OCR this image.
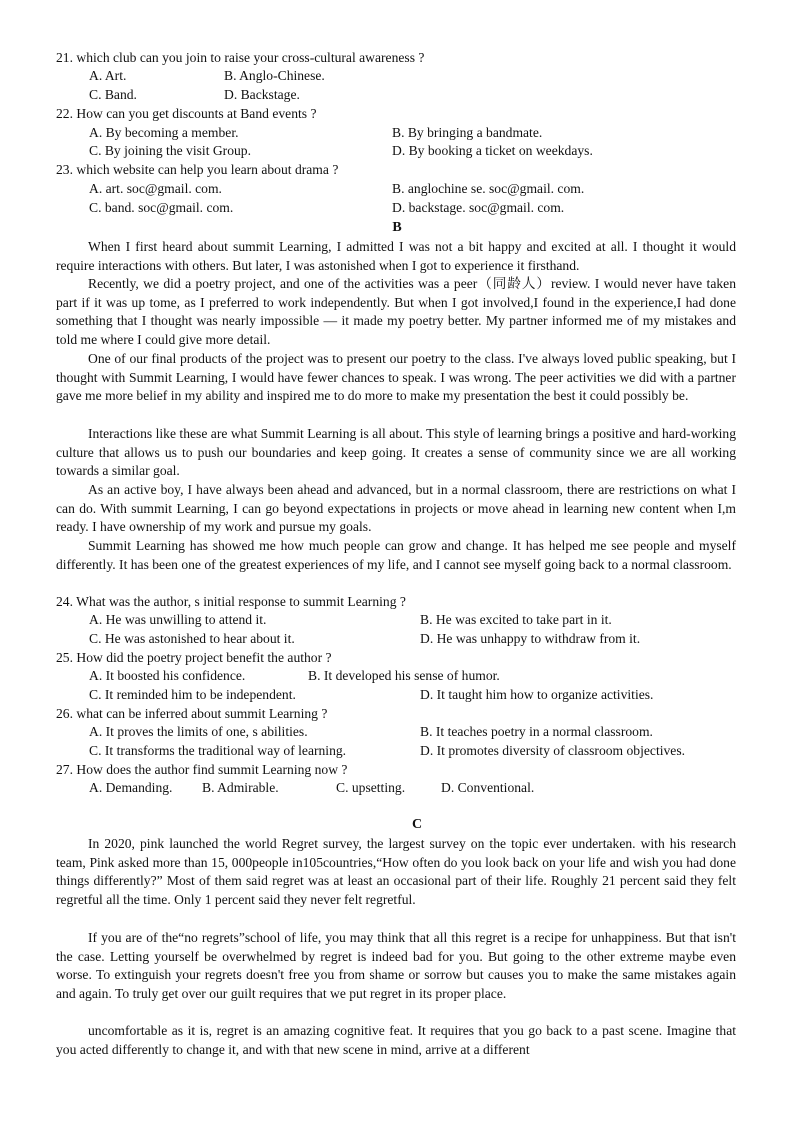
21. which club can you join to raise your cross-cultural awareness ?
A. Art.	B. Anglo-Chinese.
C. Band.	D. Backstage.
22. How can you get discounts at Band events ?
A. By becoming a member.	B. By bringing a bandmate.
C. By joining the visit Group.	D. By booking a ticket on weekdays.
23. which website can help you learn about drama ?
A. art. soc@gmail. com.	B. anglochine se. soc@gmail. com.
C. band. soc@gmail. com.	D. backstage. soc@gmail. com.
B

When I first heard about summit Learning, I admitted I was not a bit happy and excited at all. I thought it would require interactions with others. But later, I was astonished when I got to experience it firsthand.

Recently, we did a poetry project, and one of the activities was a peer（同龄人）review. I would never have taken part if it was up tome, as I preferred to work independently. But when I got involved,I found in the experience,I had done something that I thought was nearly impossible — it made my poetry better. My partner informed me of my mistakes and told me where I could give more detail.

One of our final products of the project was to present our poetry to the class. I've always loved public speaking, but I thought with Summit Learning, I would have fewer chances to speak. I was wrong. The peer activities we did with a partner gave me more belief in my ability and inspired me to do more to make my presentation the best it could possibly be.

Interactions like these are what Summit Learning is all about. This style of learning brings a positive and hard-working culture that allows us to push our boundaries and keep going. It creates a sense of community since we are all working towards a similar goal.

As an active boy, I have always been ahead and advanced, but in a normal classroom, there are restrictions on what I can do. With summit Learning, I can go beyond expectations in projects or move ahead in learning new content when I,m ready. I have ownership of my work and pursue my goals.

Summit Learning has showed me how much people can grow and change. It has helped me see people and myself differently. It has been one of the greatest experiences of my life, and I cannot see myself going back to a normal classroom.

24. What was the author, s initial response to summit Learning ?
A. He was unwilling to attend it.	B. He was excited to take part in it.
C. He was astonished to hear about it.	D. He was unhappy to withdraw from it.
25. How did the poetry project benefit the author ?
A. It boosted his confidence.	B. It developed his sense of humor.
C. It reminded him to be independent.	D. It taught him how to organize activities.
26. what can be inferred about summit Learning ?
A. It proves the limits of one, s abilities.	B. It teaches poetry in a normal classroom.
C. It transforms the traditional way of learning.	D. It promotes diversity of classroom objectives.
27. How does the author find summit Learning now ?
A. Demanding. B. Admirable.	C. upsetting.	D. Conventional.
C

In 2020, pink launched the world Regret survey, the largest survey on the topic ever undertaken. with his research team, Pink asked more than 15, 000people in105countries,“How often do you look back on your life and wish you had done things differently?” Most of them said regret was at least an occasional part of their life. Roughly 21 percent said they felt regretful all the time. Only 1 percent said they never felt regretful.

If you are of the“no regrets”school of life, you may think that all this regret is a recipe for unhappiness. But that isn't the case. Letting yourself be overwhelmed by regret is indeed bad for you. But going to the other extreme maybe even worse. To extinguish your regrets doesn't free you from shame or sorrow but causes you to make the same mistakes again and again. To truly get over our guilt requires that we put regret in its proper place.

uncomfortable as it is, regret is an amazing cognitive feat. It requires that you go back to a past scene. Imagine that you acted differently to change it, and with that new scene in mind, arrive at a different
